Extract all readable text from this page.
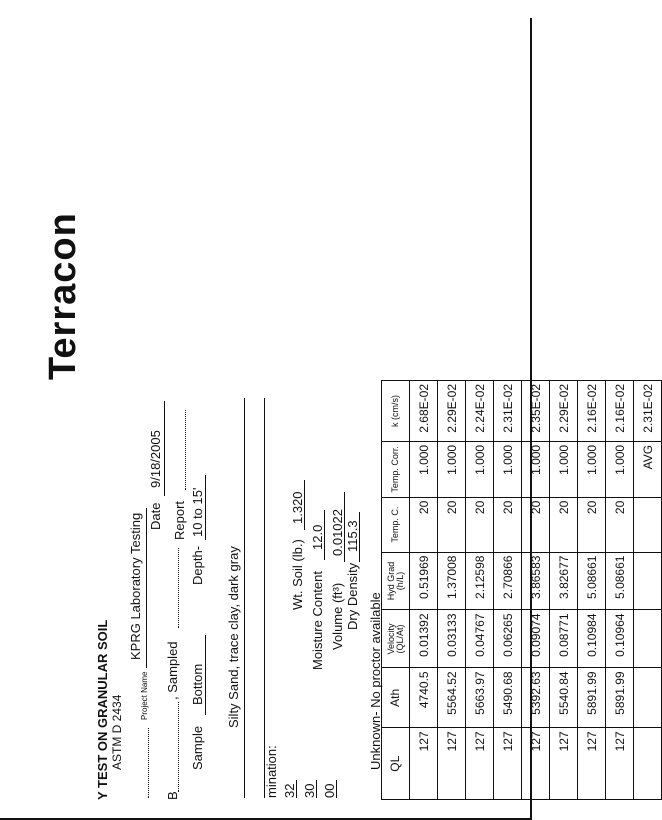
Terracon
Y TEST ON GRANULAR SOIL ASTM D 2434 Project Name
KPRG Laboratory Testing Date
9/18/2005
B
, Sampled
Report
Sample
Bottom
Depth-
10 to 15'
Silty Sand, trace clay, dark gray
mination: 32 30 00
Wt. Soil (lb.)
1.320
Moisture Content
12.0
Volume (ft³)
0.01022
Dry Density
115.3
Unknown- No proctor available QL	Ath	Velocity (QL/At)	Hyd Grad (h/L)	Temp. C.	Temp. Corr.	k (cm/s)
127	4740.5	0.01392	0.51969	20	1.000	2.68E-02
127	5564.52	0.03133	1.37008	20	1.000	2.29E-02
127	5663.97	0.04767	2.12598	20	1.000	2.24E-02
127	5490.68	0.06265	2.70866	20	1.000	2.31E-02
127	5392.63	0.09074	3.86583	20	1.000	2.35E-02
127	5540.84	0.08771	3.82677	20	1.000	2.29E-02
127	5891.99	0.10984	5.08661	20	1.000	2.16E-02
127	5891.99	0.10964	5.08661	20	1.000	2.16E-02
					AVG	2.31E-02
